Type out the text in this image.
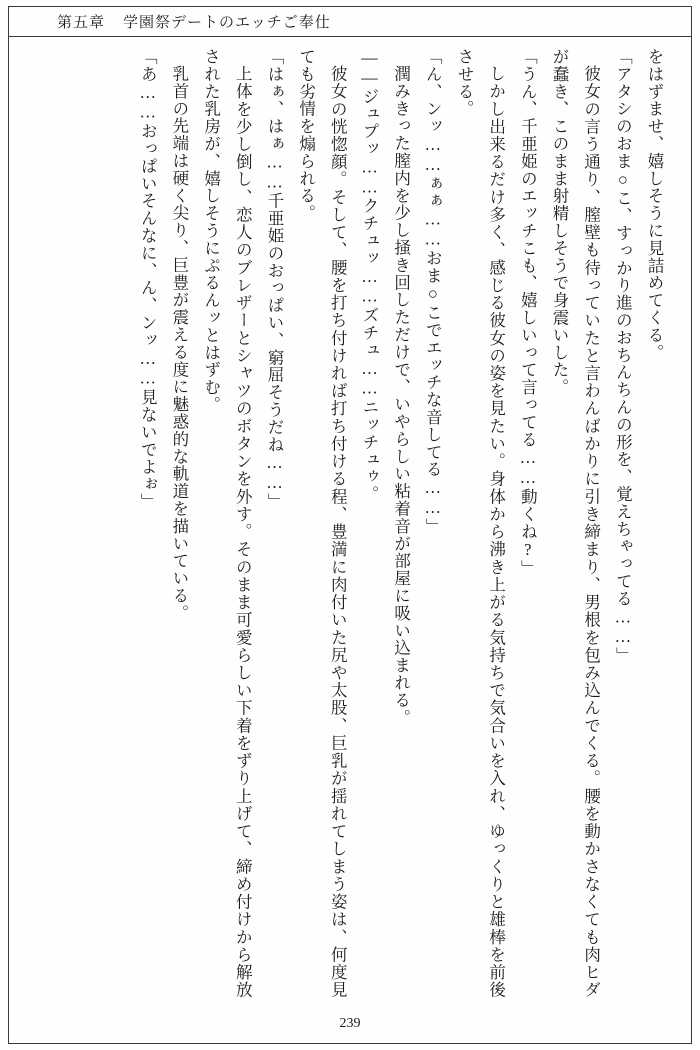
第五章 学園祭デートのエッチご奉仕

をはずませ、嬉しそうに見詰めてくる。

「アタシのおま○こ、すっかり進のおちんちんの形を、覚えちゃってる……」

彼女の言う通り、膣壁も待っていたと言わんばかりに引き締まり、男根を包み込んでくる。腰を動かさなくても肉ヒダが蠢き、このまま射精しそうで身震いした。

「うん、千亜姫のエッチこも、嬉しいって言ってる……動くね?」

しかし出来るだけ多く、感じる彼女の姿を見たい。身体から沸き上がる気持ちで気合いを入れ、ゆっくりと雄棒を前後させる。

「ん、ンッ……ぁぁ……おま○こでエッチな音してる……」

潤みきった膣内を少し掻き回しただけで、いやらしい粘着音が部屋に吸い込まれる。

――ジュプッ……クチュッ……ズチュ……ニッチュゥ。

彼女の恍惚顔。そして、腰を打ち付ければ打ち付ける程、豊満に肉付いた尻や太股、巨乳が揺れてしまう姿は、何度見ても劣情を煽られる。

「はぁ、はぁ……千亜姫のおっぱい、窮屈そうだね……」

上体を少し倒し、恋人のブレザーとシャツのボタンを外す。そのまま可愛らしい下着をずり上げて、締め付けから解放された乳房が、嬉しそうにぷるんッとはずむ。

乳首の先端は硬く尖り、巨豊が震える度に魅惑的な軌道を描いている。

「あ……おっぱいそんなに、ん、ンッ……見ないでよぉ」

239
